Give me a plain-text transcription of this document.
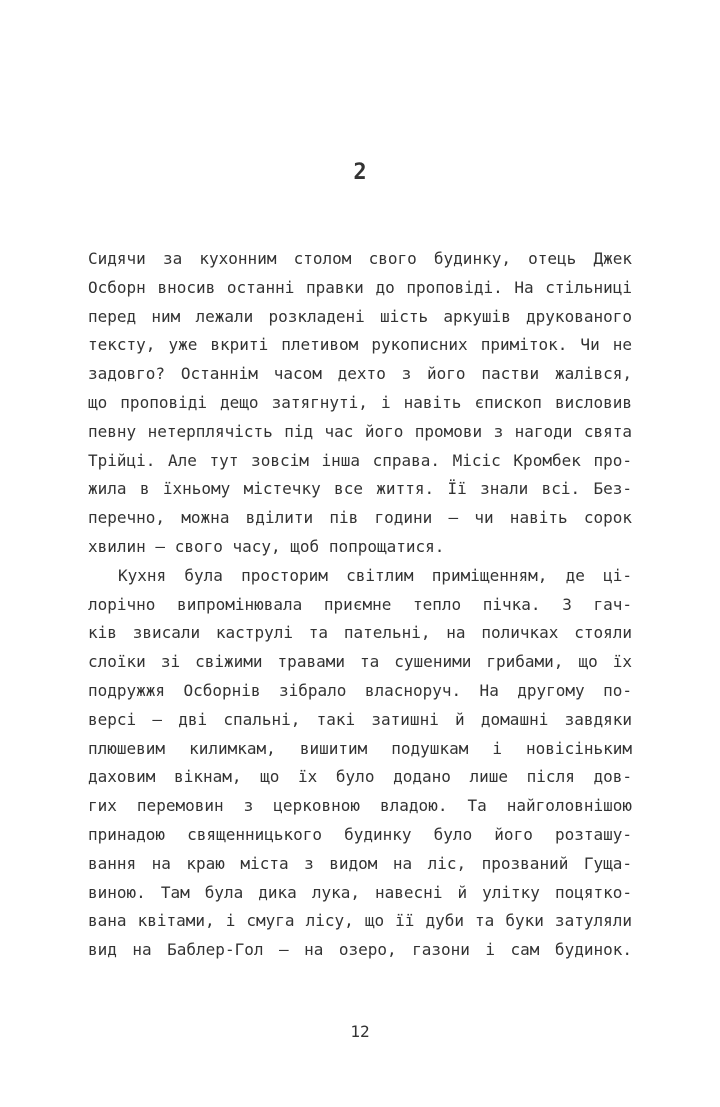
2
Сидячи за кухонним столом свого будинку, отець Джек
Осборн вносив останні правки до проповіді. На стільниці
перед ним лежали розкладені шість аркушів друкованого
тексту, уже вкриті плетивом рукописних приміток. Чи не
задовго? Останнім часом дехто з його пастви жалівся,
що проповіді дещо затягнуті, і навіть єпископ висловив
певну нетерплячість під час його промови з нагоди свята
Трійці. Але тут зовсім інша справа. Місіс Кромбек про-
жила в їхньому містечку все життя. Її знали всі. Без-
перечно, можна вділити пів години — чи навіть сорок
хвилин — свого часу, щоб попрощатися.
Кухня була просторим світлим приміщенням, де ці-
лорічно випромінювала приємне тепло пічка. З гач-
ків звисали каструлі та пательні, на поличках стояли
слоїки зі свіжими травами та сушеними грибами, що їх
подружжя Осборнів зібрало власноруч. На другому по-
версі — дві спальні, такі затишні й домашні завдяки
плюшевим килимкам, вишитим подушкам і новісіньким
даховим вікнам, що їх було додано лише після дов-
гих перемовин з церковною владою. Та найголовнішою
принадою священницького будинку було його розташу-
вання на краю міста з видом на ліс, прозваний Гуща-
виною. Там була дика лука, навесні й улітку поцятко-
вана квітами, і смуга лісу, що її дуби та буки затуляли
вид на Баблер-Гол — на озеро, газони і сам будинок.
12
